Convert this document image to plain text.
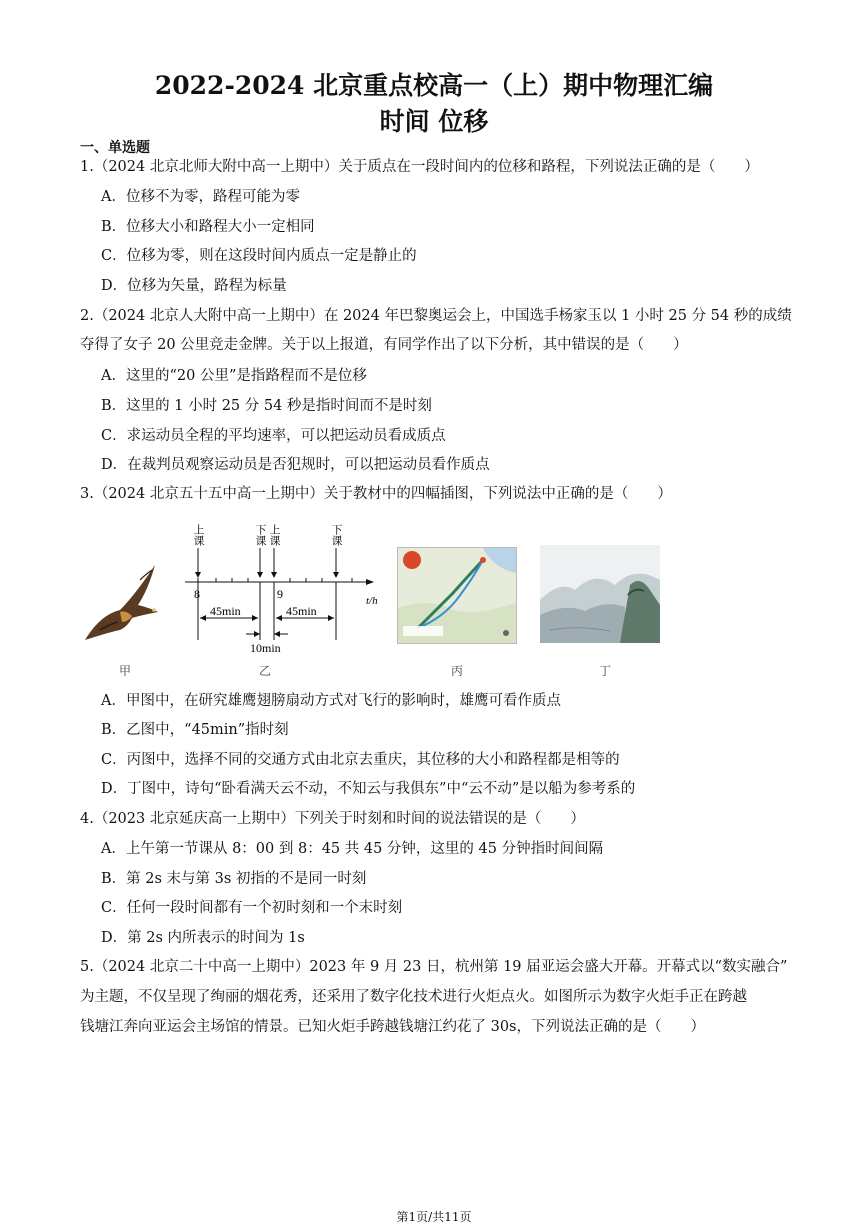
2022-2024 北京重点校高一（上）期中物理汇编
时间 位移
一、单选题
1.（2024 北京北师大附中高一上期中）关于质点在一段时间内的位移和路程，下列说法正确的是（　　）
A．位移不为零，路程可能为零
B．位移大小和路程大小一定相同
C．位移为零，则在这段时间内质点一定是静止的
D．位移为矢量，路程为标量
2.（2024 北京人大附中高一上期中）在 2024 年巴黎奥运会上，中国选手杨家玉以 1 小时 25 分 54 秒的成绩
夺得了女子 20 公里竞走金牌。关于以上报道，有同学作出了以下分析，其中错误的是（　　）
A．这里的“20 公里”是指路程而不是位移
B．这里的 1 小时 25 分 54 秒是指时间而不是时刻
C．求运动员全程的平均速率，可以把运动员看成质点
D．在裁判员观察运动员是否犯规时，可以把运动员看作质点
3.（2024 北京五十五中高一上期中）关于教材中的四幅插图，下列说法中正确的是（　　）
上课	下课 上课	下课
8	9	t/h
45min	45min
10min
甲	乙	丙	丁
A．甲图中，在研究雄鹰翅膀扇动方式对飞行的影响时，雄鹰可看作质点
B．乙图中，“45min”指时刻
C．丙图中，选择不同的交通方式由北京去重庆，其位移的大小和路程都是相等的
D．丁图中，诗句“卧看满天云不动，不知云与我俱东”中“云不动”是以船为参考系的
4.（2023 北京延庆高一上期中）下列关于时刻和时间的说法错误的是（　　）
A．上午第一节课从 8：00 到 8：45 共 45 分钟，这里的 45 分钟指时间间隔
B．第 2s 末与第 3s 初指的不是同一时刻
C．任何一段时间都有一个初时刻和一个末时刻
D．第 2s 内所表示的时间为 1s
5.（2024 北京二十中高一上期中）2023 年 9 月 23 日，杭州第 19 届亚运会盛大开幕。开幕式以“数实融合”
为主题，不仅呈现了绚丽的烟花秀，还采用了数字化技术进行火炬点火。如图所示为数字火炬手正在跨越
钱塘江奔向亚运会主场馆的情景。已知火炬手跨越钱塘江约花了 30s，下列说法正确的是（　　）
第1页/共11页
